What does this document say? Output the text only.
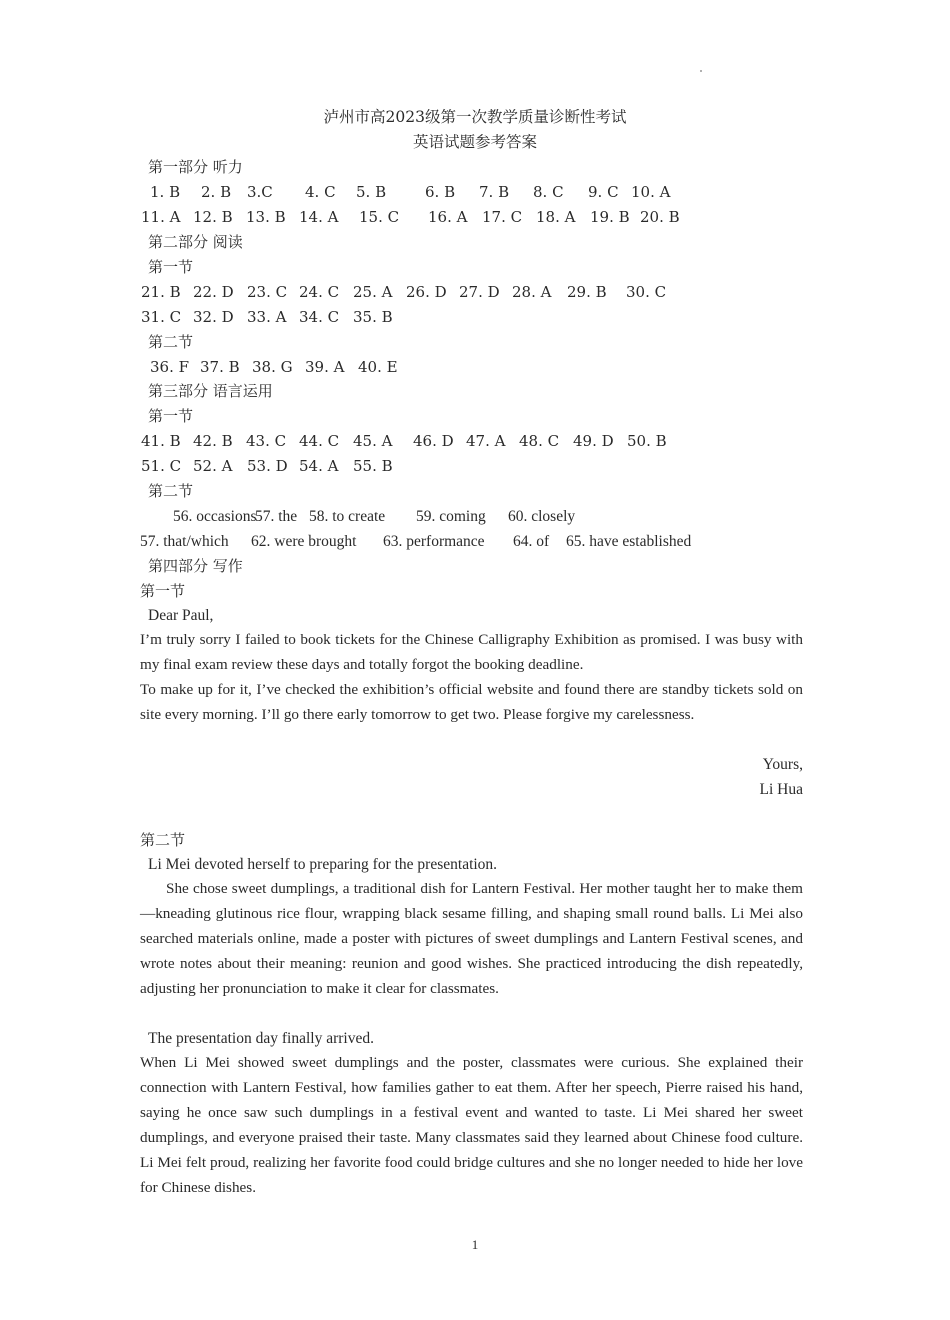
泸州市高2023级第一次教学质量诊断性考试
英语试题参考答案
第一部分 听力
1. B 2. B 3.C 4. C 5. B	6. B 7. B 8. C 9. C 10. A
11. A 12. B 13. B 14. A 15. C 16. A 17. C 18. A 19. B 20. B
第二部分 阅读
第一节
21. B 22. D 23. C 24. C 25. A 26. D 27. D 28. A 29. B 30. C
31. C 32. D 33. A 34. C 35. B
第二节
36. F 37. B 38. G 39. A 40. E
第三部分 语言运用
第一节
41. B 42. B 43. C 44. C 45. A 46. D 47. A 48. C 49. D 50. B
51. C 52. A 53. D 54. A 55. B
第二节
56. occasions
57. the 58. to create 59. coming 60. closely
57. that/which 62. were brought 63. performance 64. of 65. have established
第四部分 写作
第一节
Dear Paul,

I’m truly sorry I failed to book tickets for the Chinese Calligraphy Exhibition as promised. I was busy with my final exam review these days and totally forgot the booking deadline.

To make up for it, I’ve checked the exhibition’s official website and found there are standby tickets sold on site every morning. I’ll go there early tomorrow to get two. Please forgive my carelessness.

Yours,
Li Hua
第二节
Li Mei devoted herself to preparing for the presentation.

She chose sweet dumplings, a traditional dish for Lantern Festival. Her mother taught her to make them—kneading glutinous rice flour, wrapping black sesame filling, and shaping small round balls. Li Mei also searched materials online, made a poster with pictures of sweet dumplings and Lantern Festival scenes, and wrote notes about their meaning: reunion and good wishes. She practiced introducing the dish repeatedly, adjusting her pronunciation to make it clear for classmates.

The presentation day finally arrived.

When Li Mei showed sweet dumplings and the poster, classmates were curious. She explained their connection with Lantern Festival, how families gather to eat them. After her speech, Pierre raised his hand, saying he once saw such dumplings in a festival event and wanted to taste. Li Mei shared her sweet dumplings, and everyone praised their taste. Many classmates said they learned about Chinese food culture. Li Mei felt proud, realizing her favorite food could bridge cultures and she no longer needed to hide her love for Chinese dishes.

1
